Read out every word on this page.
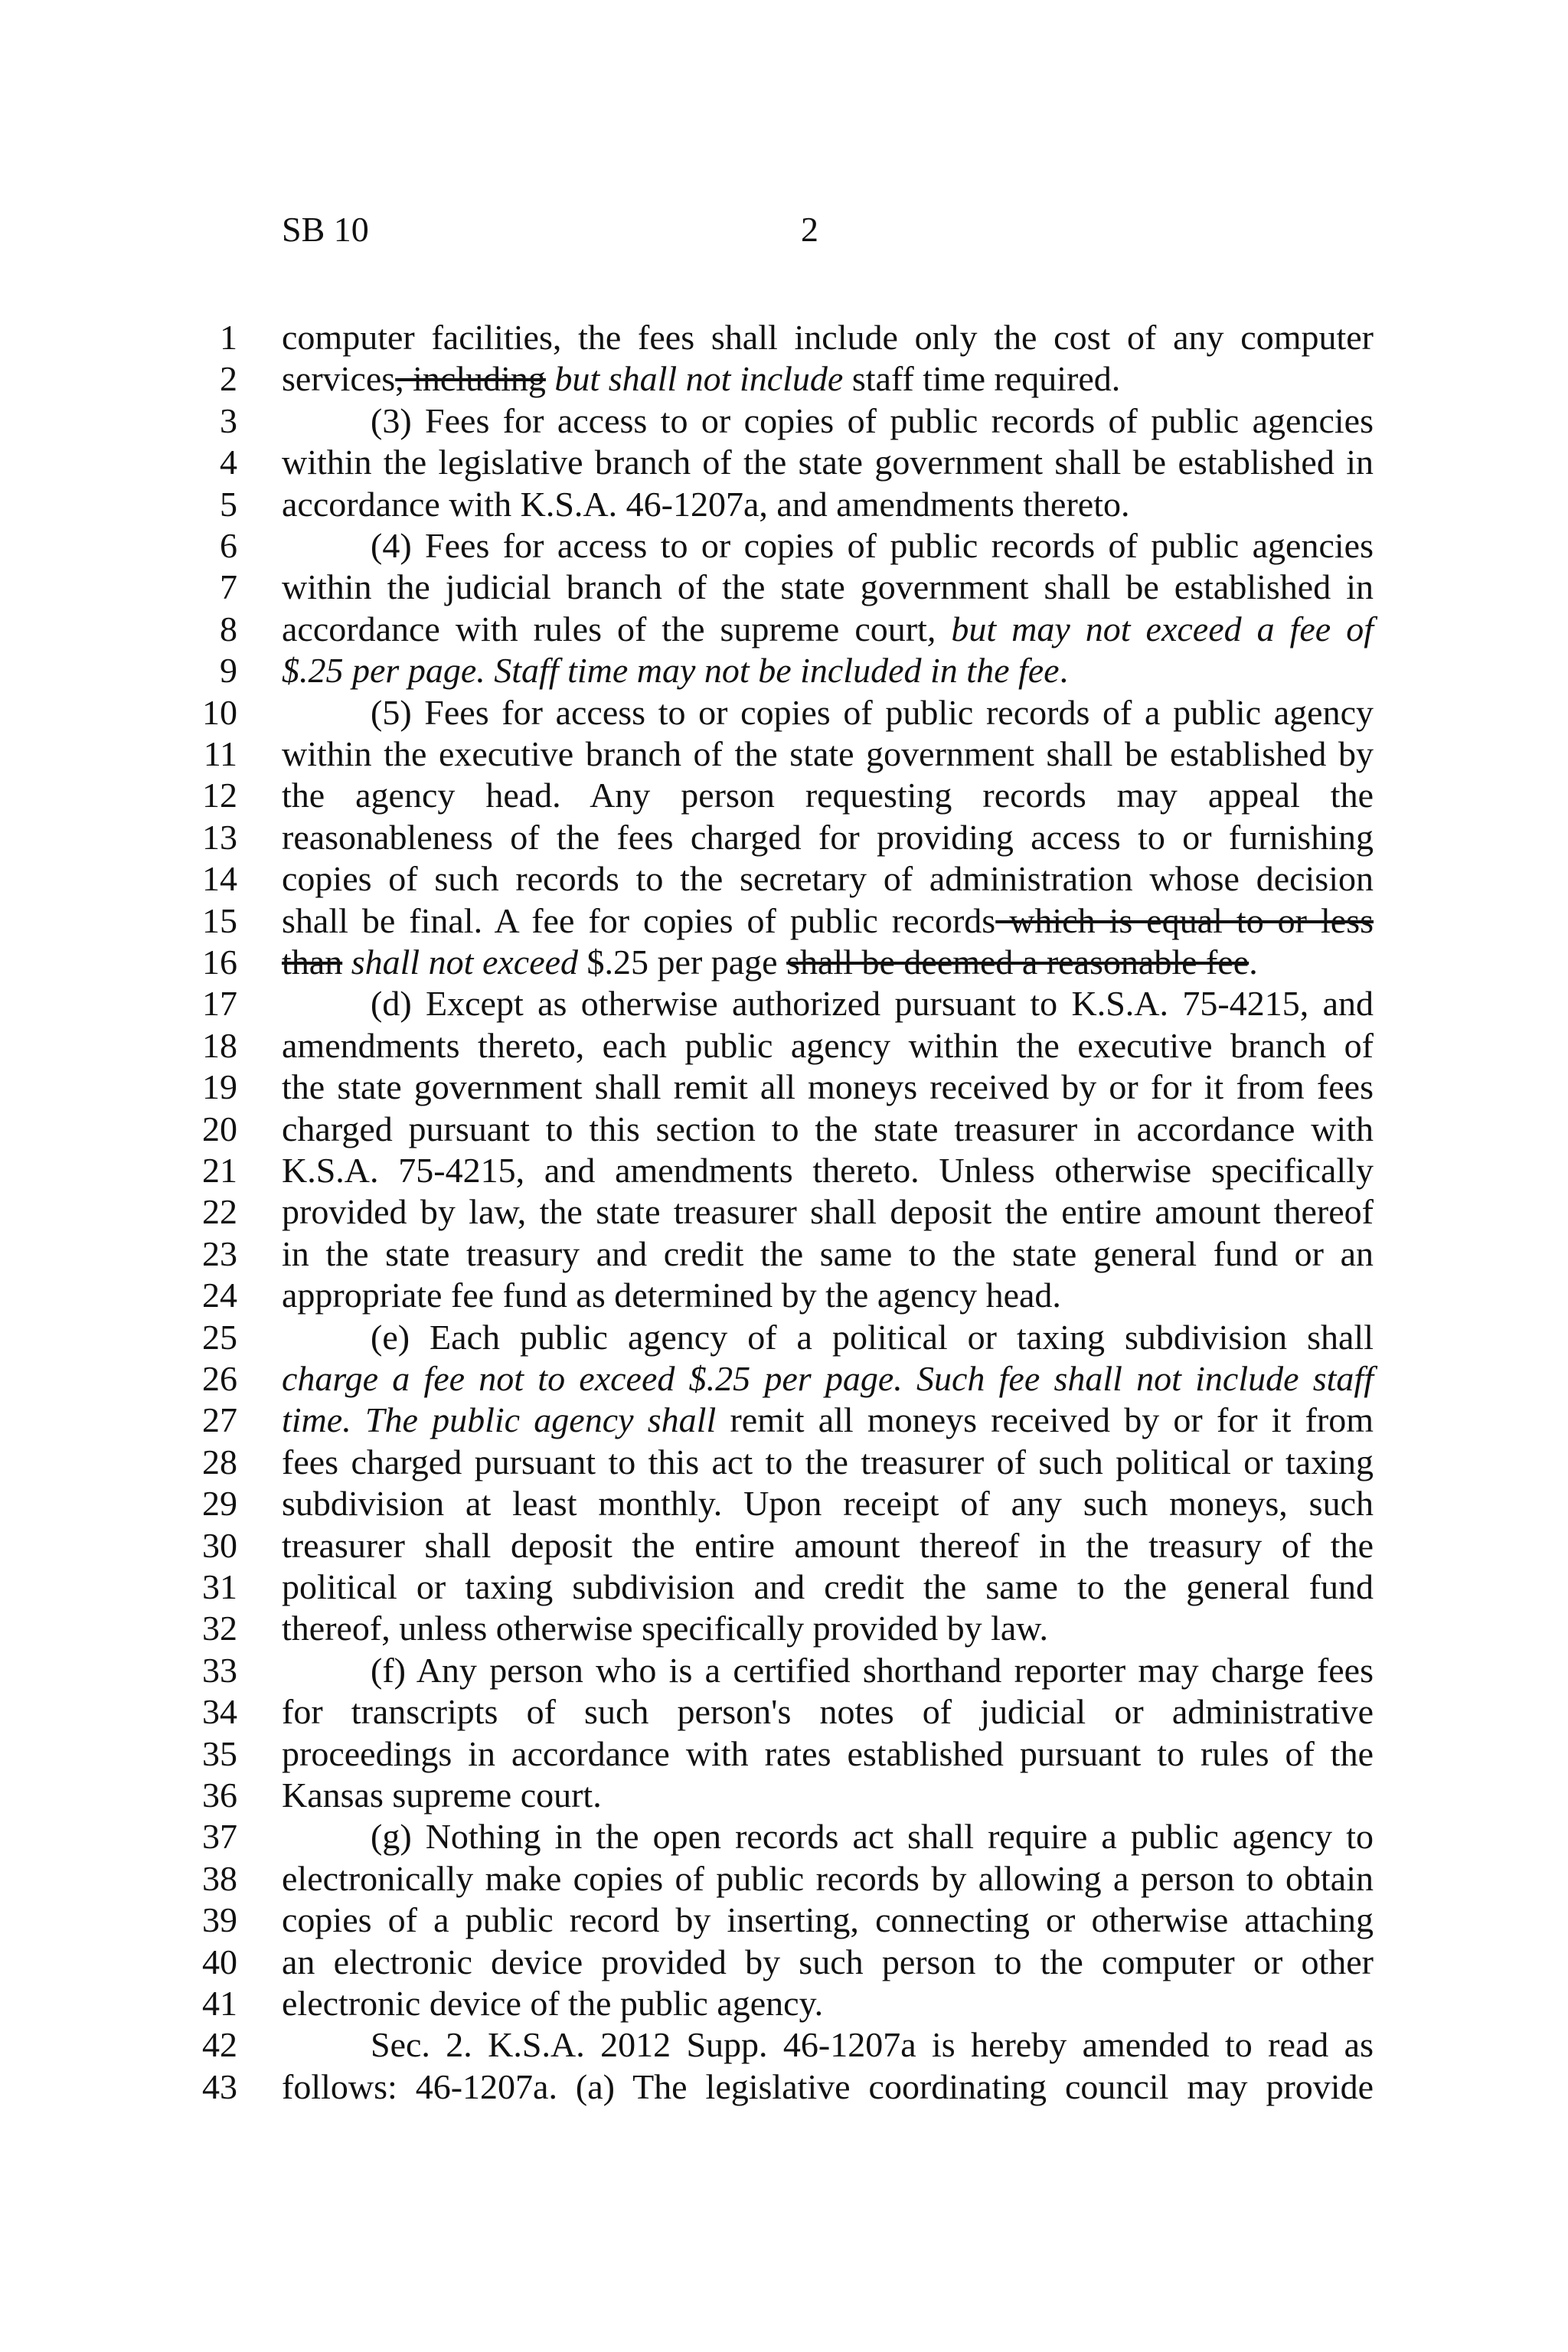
SB 10	2
1 computer facilities, the fees shall include only the cost of any computer
2 services, including but shall not include staff time required.
3	(3) Fees for access to or copies of public records of public agencies
4 within the legislative branch of the state government shall be established in
5 accordance with K.S.A. 46-1207a, and amendments thereto.
6	(4) Fees for access to or copies of public records of public agencies
7 within the judicial branch of the state government shall be established in
8 accordance with rules of the supreme court, but may not exceed a fee of
9 $.25 per page. Staff time may not be included in the fee.
10	(5) Fees for access to or copies of public records of a public agency
11 within the executive branch of the state government shall be established by
12 the agency head. Any person requesting records may appeal the
13 reasonableness of the fees charged for providing access to or furnishing
14 copies of such records to the secretary of administration whose decision
15 shall be final. A fee for copies of public records which is equal to or less
16 than shall not exceed $.25 per page shall be deemed a reasonable fee.
17	(d) Except as otherwise authorized pursuant to K.S.A. 75-4215, and
18 amendments thereto, each public agency within the executive branch of
19 the state government shall remit all moneys received by or for it from fees
20 charged pursuant to this section to the state treasurer in accordance with
21 K.S.A. 75-4215, and amendments thereto. Unless otherwise specifically
22 provided by law, the state treasurer shall deposit the entire amount thereof
23 in the state treasury and credit the same to the state general fund or an
24 appropriate fee fund as determined by the agency head.
25	(e) Each public agency of a political or taxing subdivision shall
26 charge a fee not to exceed $.25 per page. Such fee shall not include staff
27 time. The public agency shall remit all moneys received by or for it from
28 fees charged pursuant to this act to the treasurer of such political or taxing
29 subdivision at least monthly. Upon receipt of any such moneys, such
30 treasurer shall deposit the entire amount thereof in the treasury of the
31 political or taxing subdivision and credit the same to the general fund
32 thereof, unless otherwise specifically provided by law.
33	(f) Any person who is a certified shorthand reporter may charge fees
34 for transcripts of such person's notes of judicial or administrative
35 proceedings in accordance with rates established pursuant to rules of the
36 Kansas supreme court.
37	(g) Nothing in the open records act shall require a public agency to
38 electronically make copies of public records by allowing a person to obtain
39 copies of a public record by inserting, connecting or otherwise attaching
40 an electronic device provided by such person to the computer or other
41 electronic device of the public agency.
42	Sec. 2. K.S.A. 2012 Supp. 46-1207a is hereby amended to read as
43 follows: 46-1207a. (a) The legislative coordinating council may provide
